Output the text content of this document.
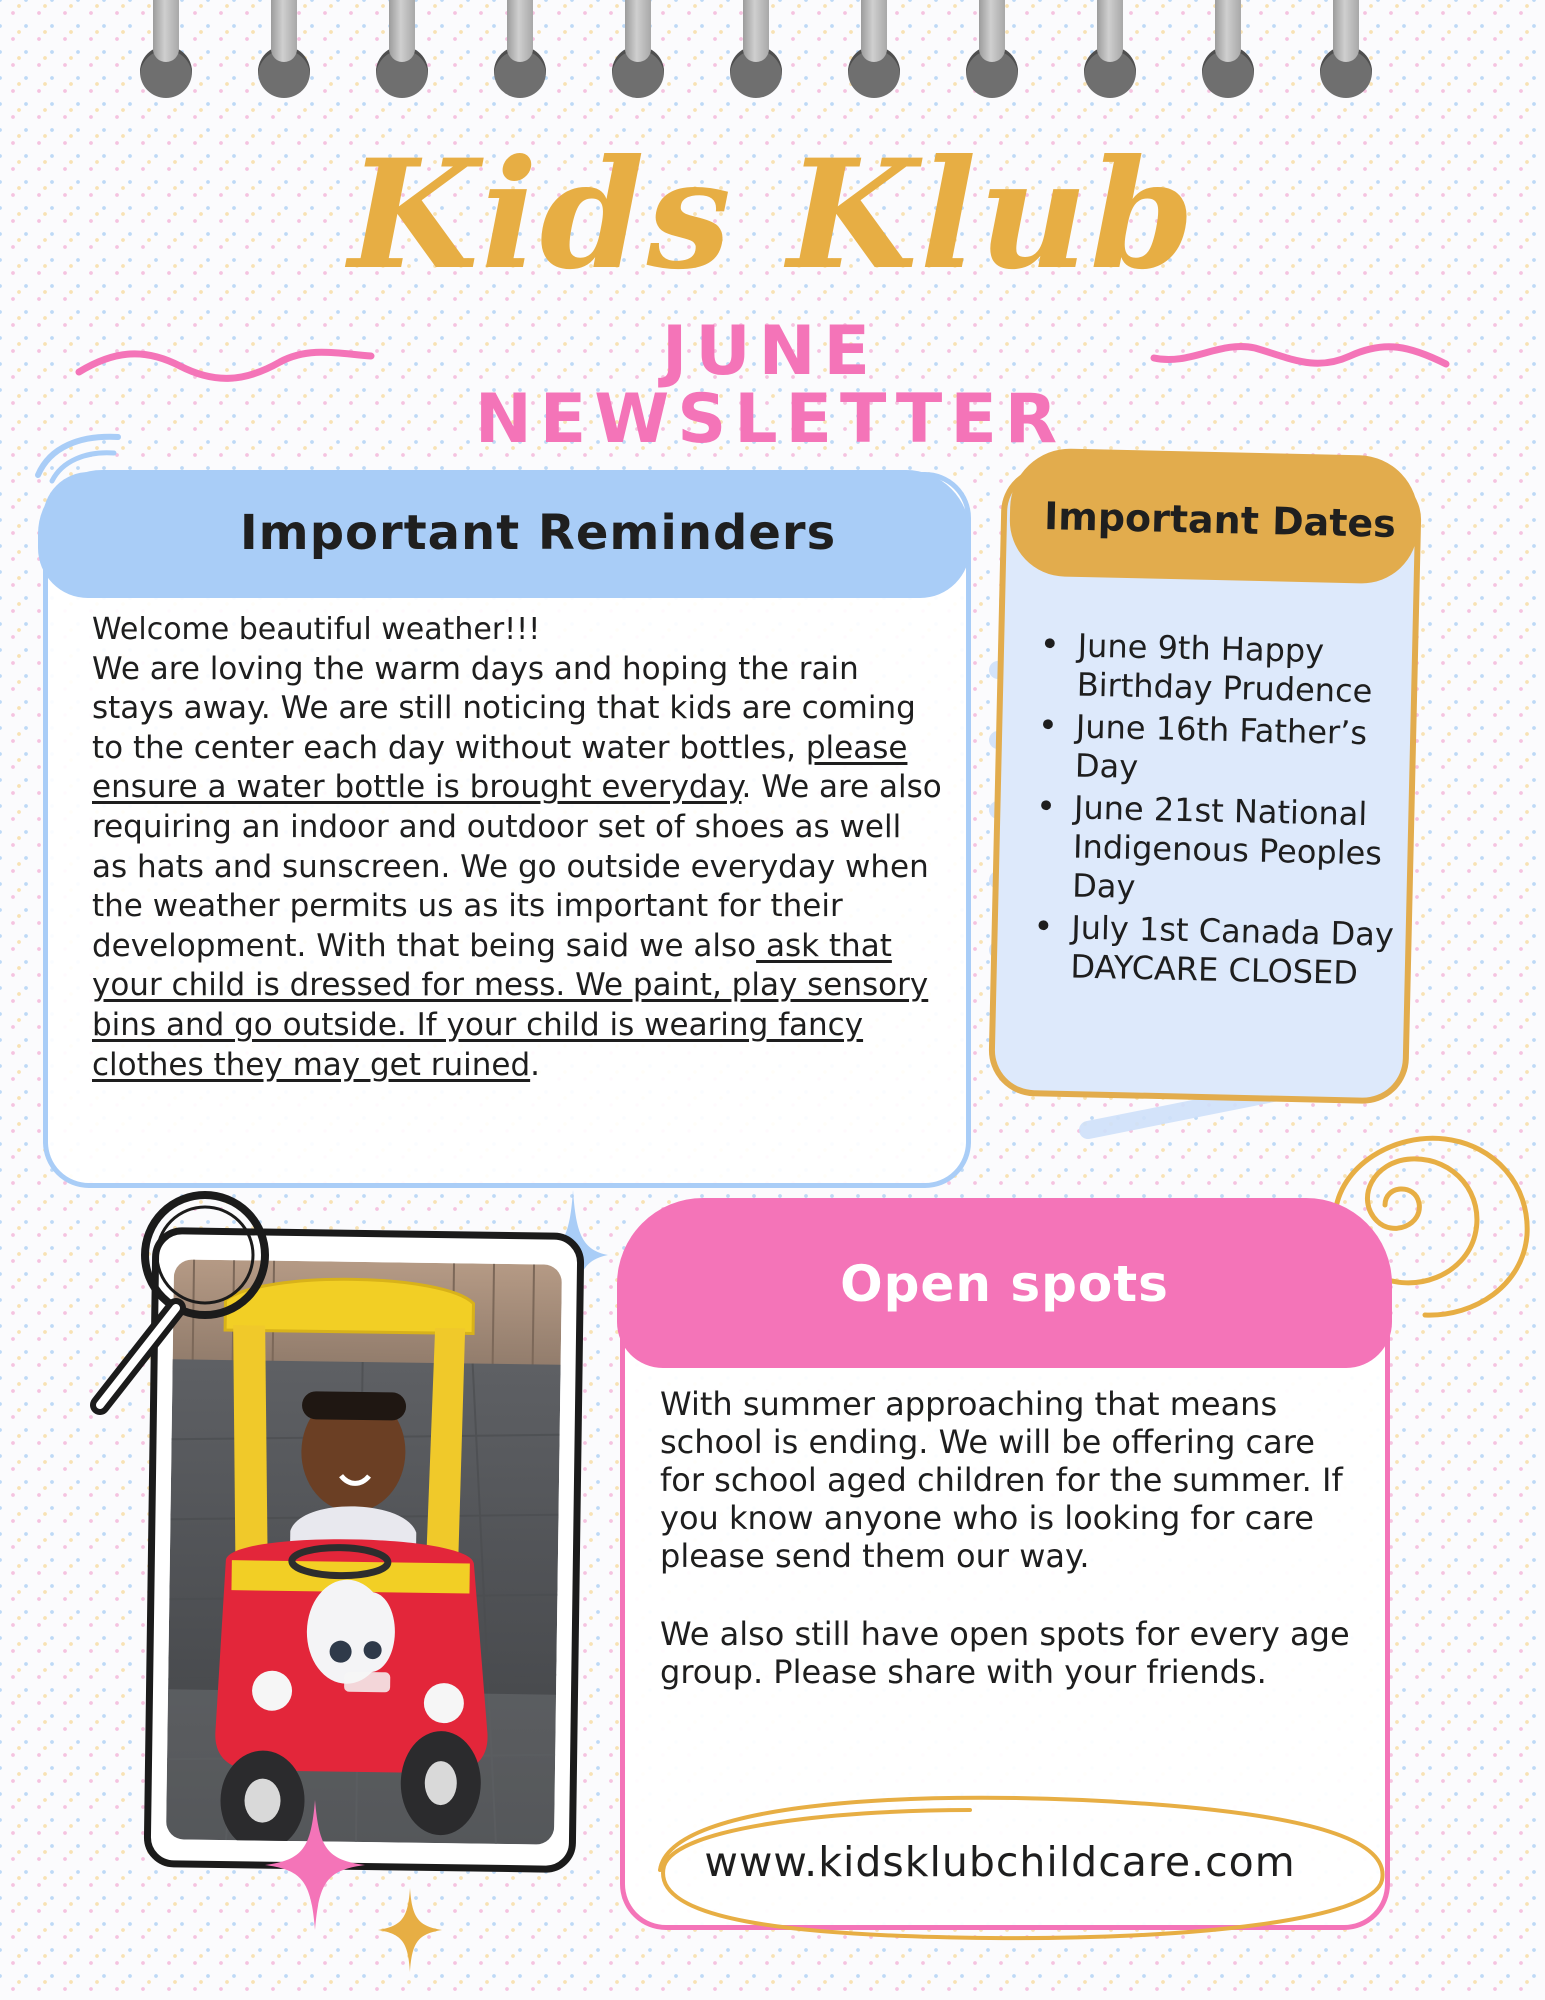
Kids Klub
JUNE NEWSLETTER
Important Reminders
Welcome beautiful weather!!!
We are loving the warm days and hoping the rain stays away. We are still noticing that kids are coming to the center each day without water bottles, please ensure a water bottle is brought everyday. We are also requiring an indoor and outdoor set of shoes as well as hats and sunscreen. We go outside everyday when the weather permits us as its important for their development. With that being said we also ask that your child is dressed for mess. We paint, play sensory bins and go outside. If your child is wearing fancy clothes they may get ruined.
Important Dates
• June 9th Happy Birthday Prudence
• June 16th Father’s Day
• June 21st National Indigenous Peoples Day
• July 1st Canada Day DAYCARE CLOSED
Open spots

With summer approaching that means school is ending. We will be offering care for school aged children for the summer. If you know anyone who is looking for care please send them our way.

We also still have open spots for every age group. Please share with your friends.

www.kidsklubchildcare.com
